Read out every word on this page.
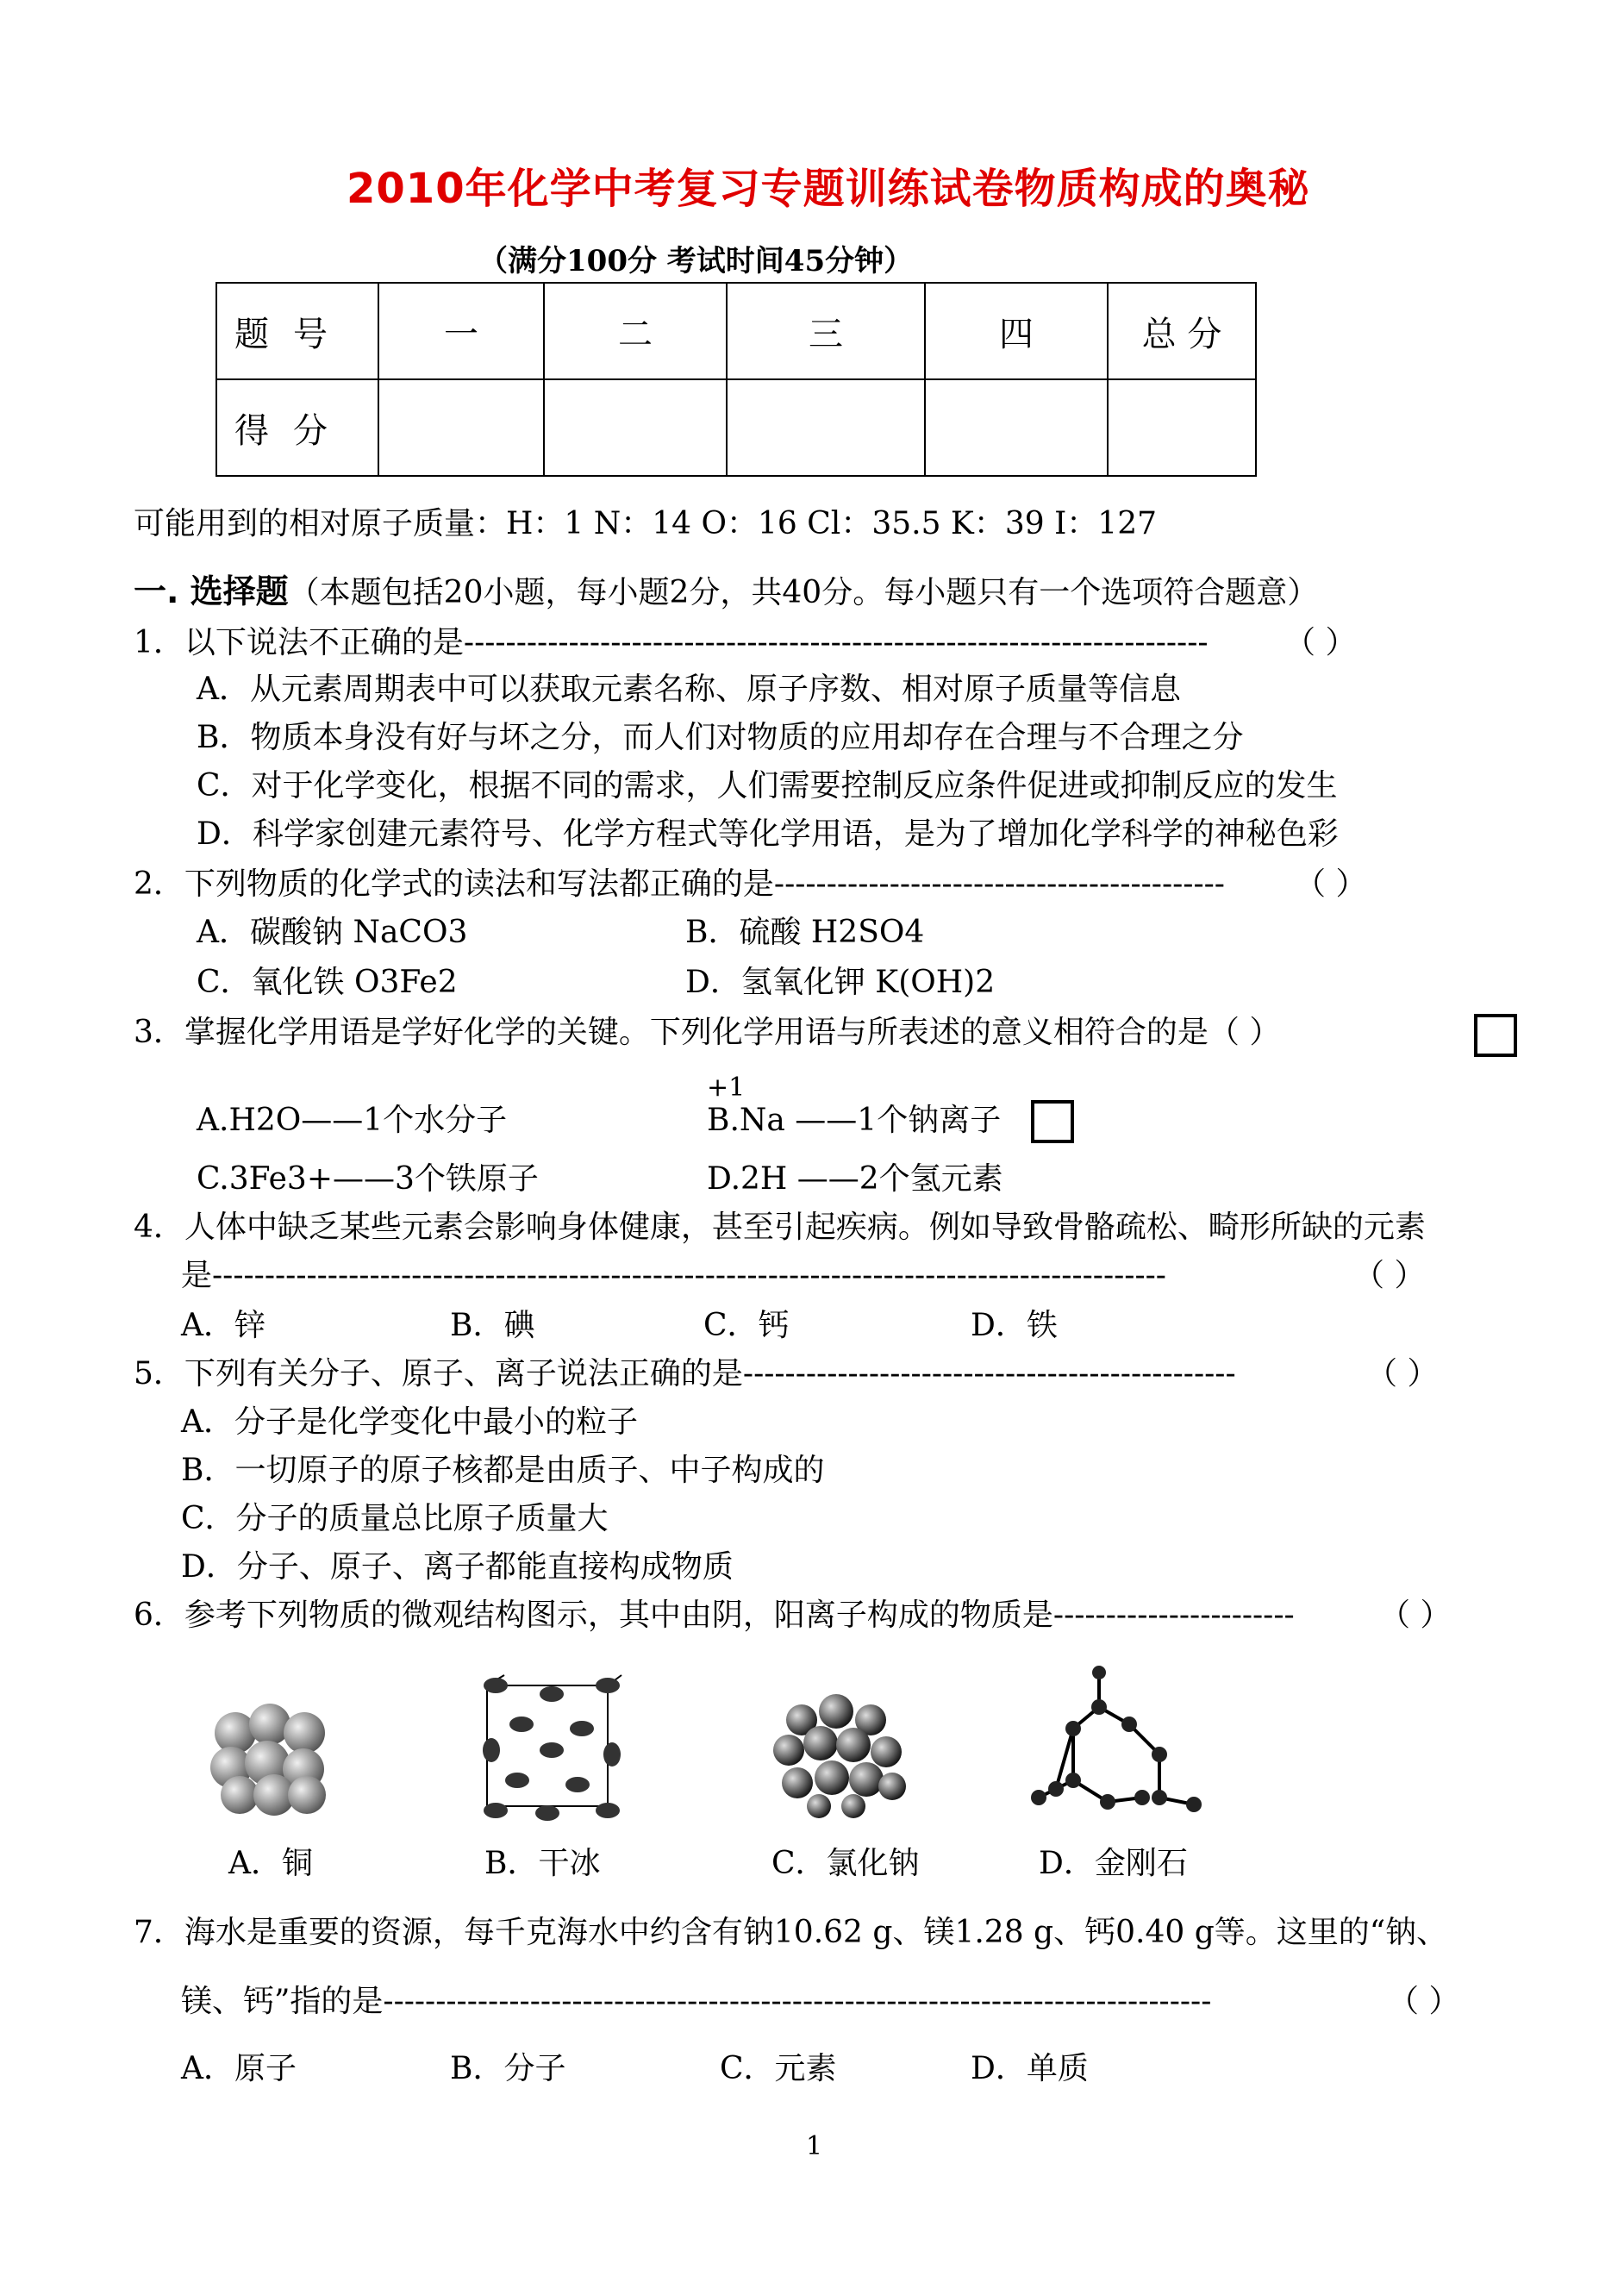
2010年化学中考复习专题训练试卷物质构成的奥秘
（满分100分 考试时间45分钟）
题号	一	二	三	四	总 分
得分					
可能用到的相对原子质量：H：1 N：14 O：16 Cl：35.5 K：39 I：127
一. 选择题（本题包括20小题，每小题2分，共40分。每小题只有一个选项符合题意）
1．以下说法不正确的是----------------------------------------------------------------------- （ ）
A．从元素周期表中可以获取元素名称、原子序数、相对原子质量等信息
B．物质本身没有好与坏之分，而人们对物质的应用却存在合理与不合理之分
C．对于化学变化，根据不同的需求，人们需要控制反应条件促进或抑制反应的发生
D．科学家创建元素符号、化学方程式等化学用语，是为了增加化学科学的神秘色彩
2．下列物质的化学式的读法和写法都正确的是------------------------------------------- （ ）
A．碳酸钠 NaCO3	B．硫酸 H2SO4
C．氧化铁 O3Fe2	D．氢氧化钾 K(OH)2
3．掌握化学用语是学好化学的关键。下列化学用语与所表述的意义相符合的是（ ）
+1
A.H2O——1个水分子	B.Na ——1个钠离子
C.3Fe3+——3个铁原子	D.2H ——2个氢元素
4．人体中缺乏某些元素会影响身体健康，甚至引起疾病。例如导致骨骼疏松、畸形所缺的元素
是-------------------------------------------------------------------------------------------	（ ）
A．锌	B．碘	C．钙	D．铁
5．下列有关分子、原子、离子说法正确的是-----------------------------------------------	（ ）
A．分子是化学变化中最小的粒子
B．一切原子的原子核都是由质子、中子构成的
C．分子的质量总比原子质量大
D．分子、原子、离子都能直接构成物质
6．参考下列物质的微观结构图示，其中由阴，阳离子构成的物质是-----------------------	（ ）
A．铜	B．干冰	C．氯化钠	D．金刚石
7．海水是重要的资源，每千克海水中约含有钠10.62 g、镁1.28 g、钙0.40 g等。这里的“钠、
镁、钙”指的是-------------------------------------------------------------------------------	（ ）
A．原子	B．分子	C．元素	D．单质
1
